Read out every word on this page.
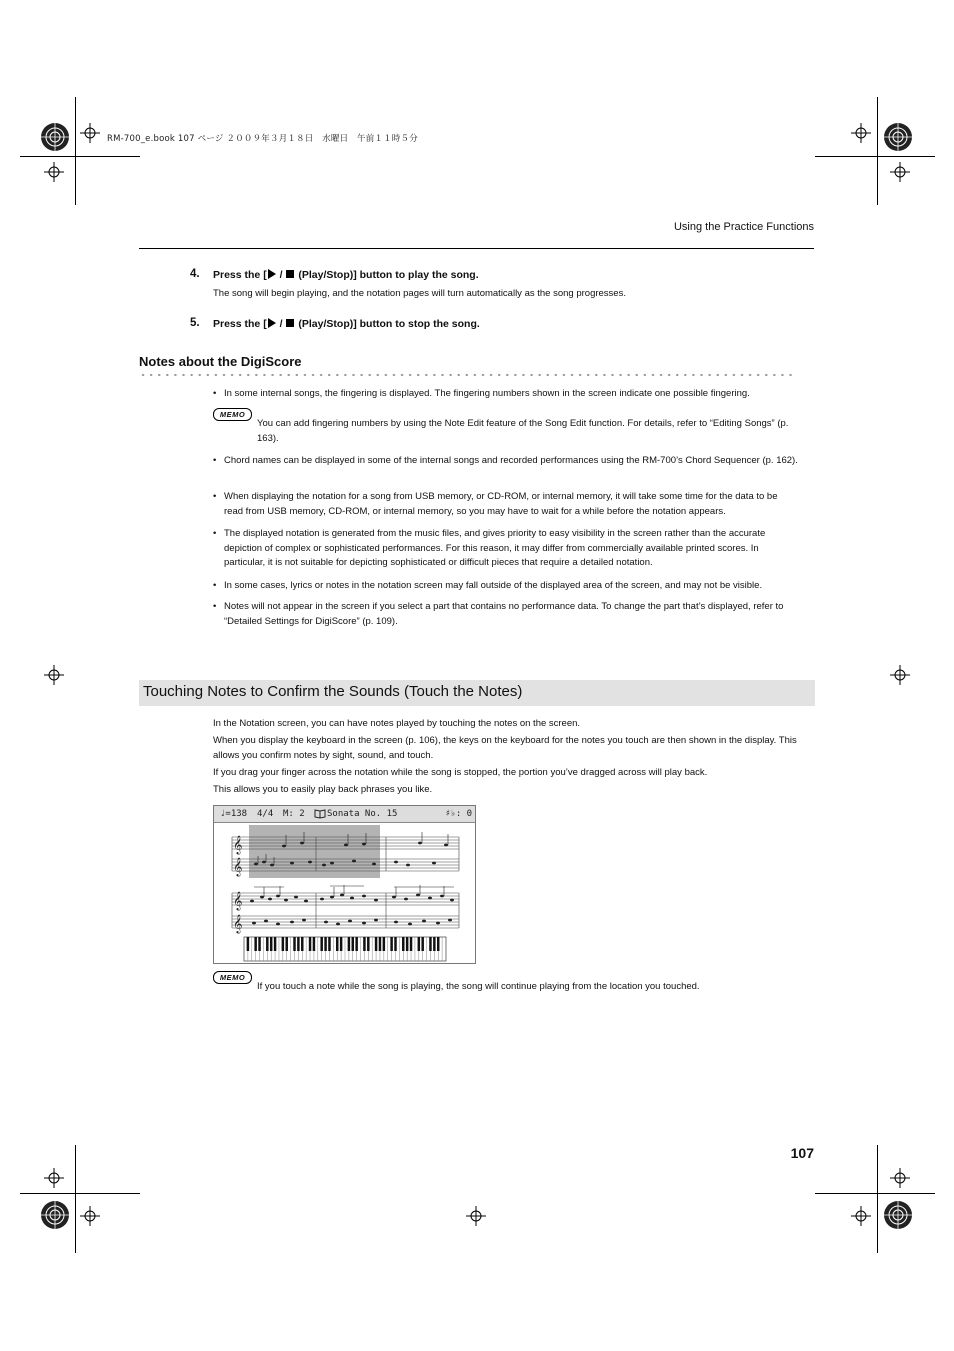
RM-700_e.book 107 ページ ２００９年３月１８日　水曜日　午前１１時５分
Using the Practice Functions
4. Press the [ /  (Play/Stop)] button to play the song.
The song will begin playing, and the notation pages will turn automatically as the song progresses.
5. Press the [ /  (Play/Stop)] button to stop the song.
Notes about the DigiScore
• In some internal songs, the fingering is displayed. The fingering numbers shown in the screen indicate one possible fingering.
MEMO
You can add fingering numbers by using the Note Edit feature of the Song Edit function. For details, refer to “Editing Songs” (p. 163).
• Chord names can be displayed in some of the internal songs and recorded performances using the RM-700’s Chord Sequencer (p. 162).
• When displaying the notation for a song from USB memory, or CD-ROM, or internal memory, it will take some time for the data to be read from USB memory, CD-ROM, or internal memory, so you may have to wait for a while before the notation appears.
• The displayed notation is generated from the music files, and gives priority to easy visibility in the screen rather than the accurate depiction of complex or sophisticated performances. For this reason, it may differ from commercially available printed scores. In particular, it is not suitable for depicting sophisticated or difficult pieces that require a detailed notation.
• In some cases, lyrics or notes in the notation screen may fall outside of the displayed area of the screen, and may not be visible.
• Notes will not appear in the screen if you select a part that contains no performance data. To change the part that’s displayed, refer to “Detailed Settings for DigiScore” (p. 109).
Touching Notes to Confirm the Sounds (Touch the Notes)
In the Notation screen, you can have notes played by touching the notes on the screen.
When you display the keyboard in the screen (p. 106), the keys on the keyboard for the notes you touch are then shown in the display. This allows you confirm notes by sight, sound, and touch.
If you drag your finger across the notation while the song is stopped, the portion you’ve dragged across will play back.
This allows you to easily play back phrases you like.
♩=138 4/4 M: 2 Sonata No. 15	♯♭: 0
𝄞
𝄞
𝄞
𝄞
MEMO
If you touch a note while the song is playing, the song will continue playing from the location you touched.
107
